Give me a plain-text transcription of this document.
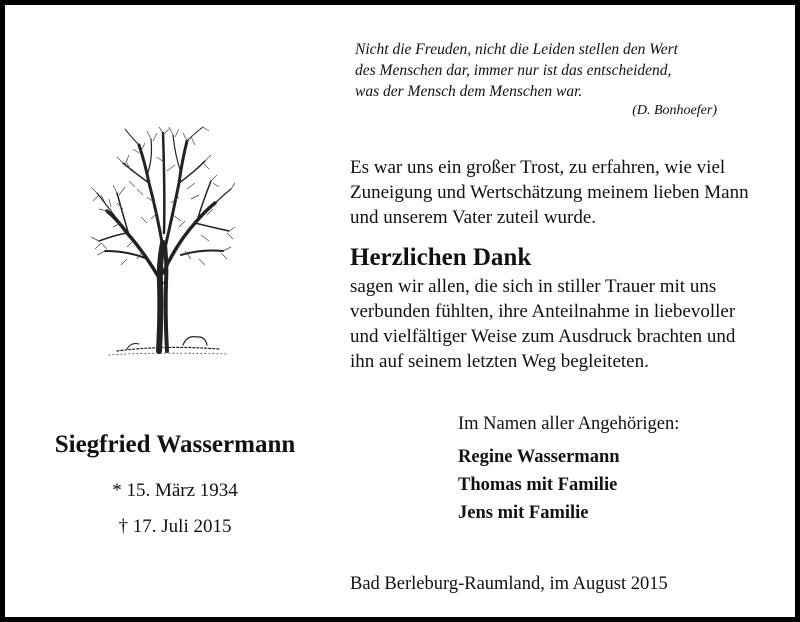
Nicht die Freuden, nicht die Leiden stellen den Wert
des Menschen dar, immer nur ist das entscheidend,
was der Mensch dem Menschen war.
(D. Bonhoefer)
Es war uns ein großer Trost, zu erfahren, wie viel
Zuneigung und Wertschätzung meinem lieben Mann
und unserem Vater zuteil wurde.
Herzlichen Dank
sagen wir allen, die sich in stiller Trauer mit uns
verbunden fühlten, ihre Anteilnahme in liebevoller
und vielfältiger Weise zum Ausdruck brachten und
ihn auf seinem letzten Weg begleiteten.
Siegfried Wassermann
* 15. März 1934
† 17. Juli 2015
Im Namen aller Angehörigen:
Regine Wassermann
Thomas mit Familie
Jens mit Familie
Bad Berleburg-Raumland, im August 2015
